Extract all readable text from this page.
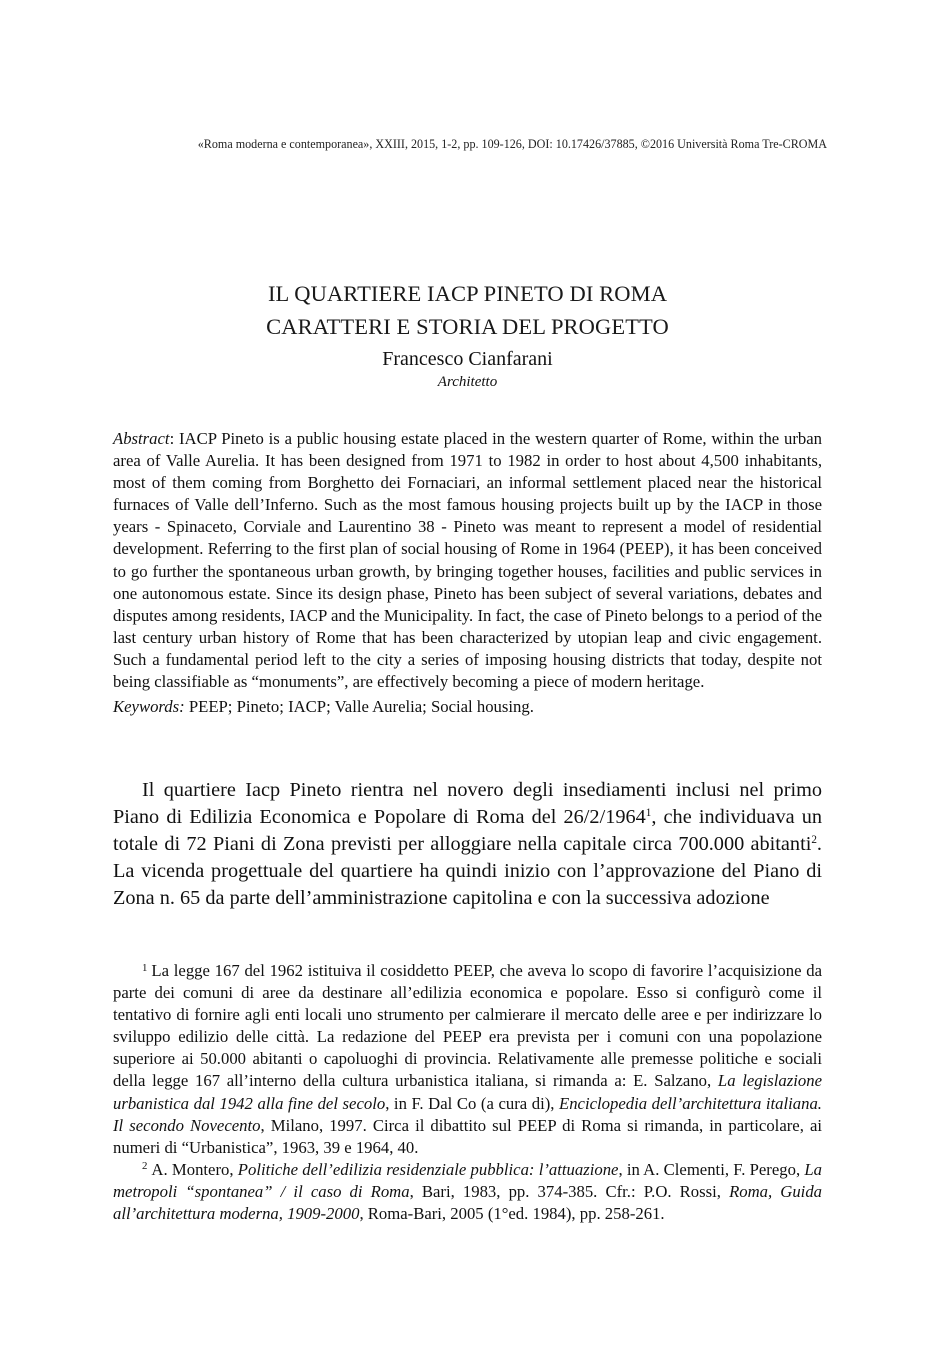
«Roma moderna e contemporanea», XXIII, 2015, 1-2, pp. 109-126, DOI: 10.17426/37885, ©2016 Università Roma Tre-CROMA
IL QUARTIERE IACP PINETO DI ROMA
CARATTERI E STORIA DEL PROGETTO
Francesco Cianfarani
Architetto

Abstract: IACP Pineto is a public housing estate placed in the western quarter of Rome, within the urban area of Valle Aurelia. It has been designed from 1971 to 1982 in order to host about 4,500 inhabitants, most of them coming from Borghetto dei Fornaciari, an informal settlement placed near the historical furnaces of Valle dell’Inferno. Such as the most famous housing projects built up by the IACP in those years - Spinaceto, Corviale and Laurentino 38 - Pineto was meant to represent a model of residential development. Referring to the first plan of social housing of Rome in 1964 (PEEP), it has been conceived to go further the spontaneous urban growth, by bringing together houses, facilities and public services in one autonomous estate. Since its design phase, Pineto has been subject of several variations, debates and disputes among residents, IACP and the Municipality. In fact, the case of Pineto belongs to a period of the last century urban history of Rome that has been characterized by utopian leap and civic engagement. Such a fundamental period left to the city a series of imposing housing districts that today, despite not being classifiable as “monuments”, are effectively becoming a piece of modern heritage.

Keywords: PEEP; Pineto; IACP; Valle Aurelia; Social housing.

Il quartiere Iacp Pineto rientra nel novero degli insediamenti inclusi nel primo Piano di Edilizia Economica e Popolare di Roma del 26/2/1964$^1$, che individuava un totale di 72 Piani di Zona previsti per alloggiare nella capitale circa 700.000 abitanti$^2$. La vicenda progettuale del quartiere ha quindi inizio con l’approvazione del Piano di Zona n. 65 da parte dell’amministrazione capitolina e con la successiva adozione

$^1$ La legge 167 del 1962 istituiva il cosiddetto PEEP, che aveva lo scopo di favorire l’acquisizione da parte dei comuni di aree da destinare all’edilizia economica e popolare. Esso si configurò come il tentativo di fornire agli enti locali uno strumento per calmierare il mercato delle aree e per indirizzare lo sviluppo edilizio delle città. La redazione del PEEP era prevista per i comuni con una popolazione superiore ai 50.000 abitanti o capoluoghi di provincia. Relativamente alle premesse politiche e sociali della legge 167 all’interno della cultura urbanistica italiana, si rimanda a: E. Salzano, La legislazione urbanistica dal 1942 alla fine del secolo, in F. Dal Co (a cura di), Enciclopedia dell’architettura italiana. Il secondo Novecento, Milano, 1997. Circa il dibattito sul PEEP di Roma si rimanda, in particolare, ai numeri di “Urbanistica”, 1963, 39 e 1964, 40.

$^2$ A. Montero, Politiche dell’edilizia residenziale pubblica: l’attuazione, in A. Clementi, F. Perego, La metropoli “spontanea” / il caso di Roma, Bari, 1983, pp. 374-385. Cfr.: P.O. Rossi, Roma, Guida all’architettura moderna, 1909-2000, Roma-Bari, 2005 (1°ed. 1984), pp. 258-261.
